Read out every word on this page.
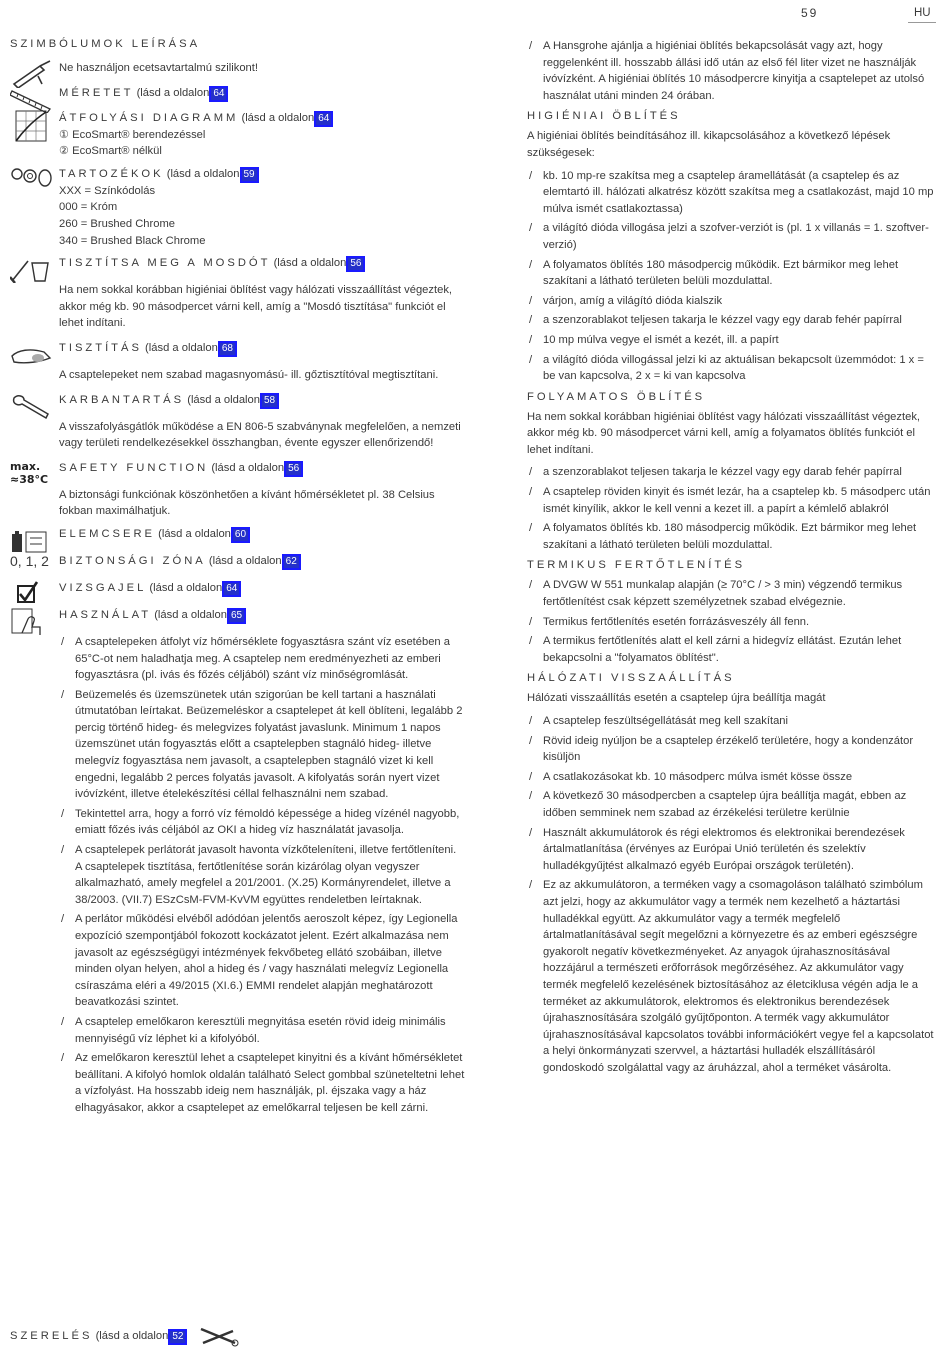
59	HU
SZIMBÓLUMOK LEÍRÁSA
Ne használjon ecetsavtartalmú szilikont!
MÉRETET (lásd a oldalon 64
ÁTFOLYÁSI DIAGRAMM (lásd a oldalon 64
① EcoSmart® berendezéssel
② EcoSmart® nélkül
TARTOZÉKOK (lásd a oldalon 59
XXX = Színkódolás
000 = Króm
260 = Brushed Chrome
340 = Brushed Black Chrome
TISZTÍTSA MEG A MOSDÓT (lásd a oldalon 56

Ha nem sokkal korábban higiéniai öblítést vagy hálózati visszaállítást végeztek, akkor még kb. 90 másodpercet várni kell, amíg a "Mosdó tisztítása" funkciót el lehet indítani.

TISZTÍTÁS (lásd a oldalon 68

A csaptelepeket nem szabad magasnyomású- ill. gőztisztítóval megtisztítani.

KARBANTARTÁS (lásd a oldalon 58

A visszafolyásgátlók működése a EN 806-5 szabványnak megfelelően, a nemzeti vagy területi rendelkezésekkel összhangban, évente egyszer ellenőrizendő!

max.
≈38°C
SAFETY FUNCTION (lásd a oldalon 56

A biztonsági funkciónak köszönhetően a kívánt hőmérsékletet pl. 38 Celsius fokban maximálhatjuk.

ELEMCSERE (lásd a oldalon 60
0, 1, 2 BIZTONSÁGI ZÓNA (lásd a oldalon 62
VIZSGAJEL (lásd a oldalon 64
HASZNÁLAT (lásd a oldalon 65
/ A csaptelepeken átfolyt víz hőmérséklete fogyasztásra szánt víz esetében a 65°C-ot nem haladhatja meg. A csaptelep nem eredményezheti az emberi fogyasztásra (pl. ivás és főzés céljából) szánt víz minőségromlását.
/ Beüzemelés és üzemszünetek után szigorúan be kell tartani a használati útmutatóban leírtakat. Beüzemeléskor a csaptelepet át kell öblíteni, legalább 2 percig történő hideg- és melegvizes folyatást javaslunk. Minimum 1 napos üzemszünet után fogyasztás előtt a csaptelepben stagnáló hideg- illetve melegvíz fogyasztása nem javasolt, a csaptelepben stagnáló vizet ki kell engedni, legalább 2 perces folyatás javasolt. A kifolyatás során nyert vizet ivóvízként, illetve ételekészítési céllal felhasználni nem szabad.
/ Tekintettel arra, hogy a forró víz fémoldó képessége a hideg vízénél nagyobb, emiatt főzés ivás céljából az OKI a hideg víz használatát javasolja.
/ A csaptelepek perlátorát javasolt havonta vízkőteleníteni, illetve fertőtleníteni. A csaptelepek tisztítása, fertőtlenítése során kizárólag olyan vegyszer alkalmazható, amely megfelel a 201/2001. (X.25) Kormányrendelet, illetve a 38/2003. (VII.7) ESzCsM-FVM-KvVM együttes rendeletben leírtaknak.
/ A perlátor működési elvéből adódóan jelentős aeroszolt képez, így Legionella expozíció szempontjából fokozott kockázatot jelent. Ezért alkalmazása nem javasolt az egészségügyi intézmények fekvőbeteg ellátó szobáiban, illetve minden olyan helyen, ahol a hideg és / vagy használati melegvíz Legionella csíraszáma eléri a 49/2015 (XI.6.) EMMI rendelet alapján meghatározott beavatkozási szintet.
/ A csaptelep emelőkaron keresztüli megnyitása esetén rövid ideig minimális mennyiségű víz léphet ki a kifolyóból.
/ Az emelőkaron keresztül lehet a csaptelepet kinyitni és a kívánt hőmérsékletet beállítani. A kifolyó homlok oldalán található Select gombbal szüneteltetni lehet a vízfolyást. Ha hosszabb ideig nem használják, pl. éjszaka vagy a ház elhagyásakor, akkor a csaptelepet az emelőkarral teljesen be kell zárni.
/ A Hansgrohe ajánlja a higiéniai öblítés bekapcsolását vagy azt, hogy reggelenként ill. hosszabb állási idő után az első fél liter vizet ne használják ivóvízként. A higiéniai öblítés 10 másodpercre kinyitja a csaptelepet az utolsó használat utáni minden 24 órában.
HIGIÉNIAI ÖBLÍTÉS

A higiéniai öblítés beindításához ill. kikapcsolásához a következő lépések szükségesek:

/ kb. 10 mp-re szakítsa meg a csaptelep áramellátását (a csaptelep és az elemtartó ill. hálózati alkatrész között szakítsa meg a csatlakozást, majd 10 mp múlva ismét csatlakoztassa)
/ a világító dióda villogása jelzi a szofver-verziót is (pl. 1 x villanás = 1. szoftver-verzió)
/ A folyamatos öblítés 180 másodpercig működik. Ezt bármikor meg lehet szakítani a látható területen belüli mozdulattal.
/ várjon, amíg a világító dióda kialszik
/ a szenzorablakot teljesen takarja le kézzel vagy egy darab fehér papírral
/ 10 mp múlva vegye el ismét a kezét, ill. a papírt
/ a világító dióda villogással jelzi ki az aktuálisan bekapcsolt üzemmódot: 1 x = be van kapcsolva, 2 x = ki van kapcsolva
FOLYAMATOS ÖBLÍTÉS

Ha nem sokkal korábban higiéniai öblítést vagy hálózati visszaállítást végeztek, akkor még kb. 90 másodpercet várni kell, amíg a folyamatos öblítés funkciót el lehet indítani.

/ a szenzorablakot teljesen takarja le kézzel vagy egy darab fehér papírral
/ A csaptelep röviden kinyit és ismét lezár, ha a csaptelep kb. 5 másodperc után ismét kinyílik, akkor le kell venni a kezet ill. a papírt a kémlelő ablakról
/ A folyamatos öblítés kb. 180 másodpercig működik. Ezt bármikor meg lehet szakítani a látható területen belüli mozdulattal.
TERMIKUS FERTŐTLENÍTÉS
/ A DVGW W 551 munkalap alapján (≥ 70°C / > 3 min) végzendő termikus fertőtlenítést csak képzett személyzetnek szabad elvégeznie.
/ Termikus fertőtlenítés esetén forrázásveszély áll fenn.
/ A termikus fertőtlenítés alatt el kell zárni a hidegvíz ellátást. Ezután lehet bekapcsolni a "folyamatos öblítést".
HÁLÓZATI VISSZAÁLLÍTÁS

Hálózati visszaállítás esetén a csaptelep újra beállítja magát

/ A csaptelep feszültségellátását meg kell szakítani
/ Rövid ideig nyúljon be a csaptelep érzékelő területére, hogy a kondenzátor kisüljön
/ A csatlakozásokat kb. 10 másodperc múlva ismét kösse össze
/ A következő 30 másodpercben a csaptelep újra beállítja magát, ebben az időben semminek nem szabad az érzékelési területre kerülnie
/ Használt akkumulátorok és régi elektromos és elektronikai berendezések ártalmatlanítása (érvényes az Európai Unió területén és szelektív hulladékgyűjtést alkalmazó egyéb Európai országok területén).
/ Ez az akkumulátoron, a terméken vagy a csomagoláson található szimbólum azt jelzi, hogy az akkumulátor vagy a termék nem kezelhető a háztartási hulladékkal együtt. Az akkumulátor vagy a termék megfelelő ártalmatlanításával segít megelőzni a környezetre és az emberi egészségre gyakorolt negatív következményeket. Az anyagok újrahasznosításával hozzájárul a természeti erőforrások megőrzéséhez. Az akkumulátor vagy termék megfelelő kezelésének biztosításához az életciklusa végén adja le a terméket az akkumulátorok, elektromos és elektronikus berendezések újrahasznosítására szolgáló gyűjtőponton. A termék vagy akkumulátor újrahasznosításával kapcsolatos további információkért vegye fel a kapcsolatot a helyi önkormányzati szervvel, a háztartási hulladék elszállításáról gondoskodó szolgálattal vagy az áruházzal, ahol a terméket vásárolta.
SZERELÉS (lásd a oldalon 52
